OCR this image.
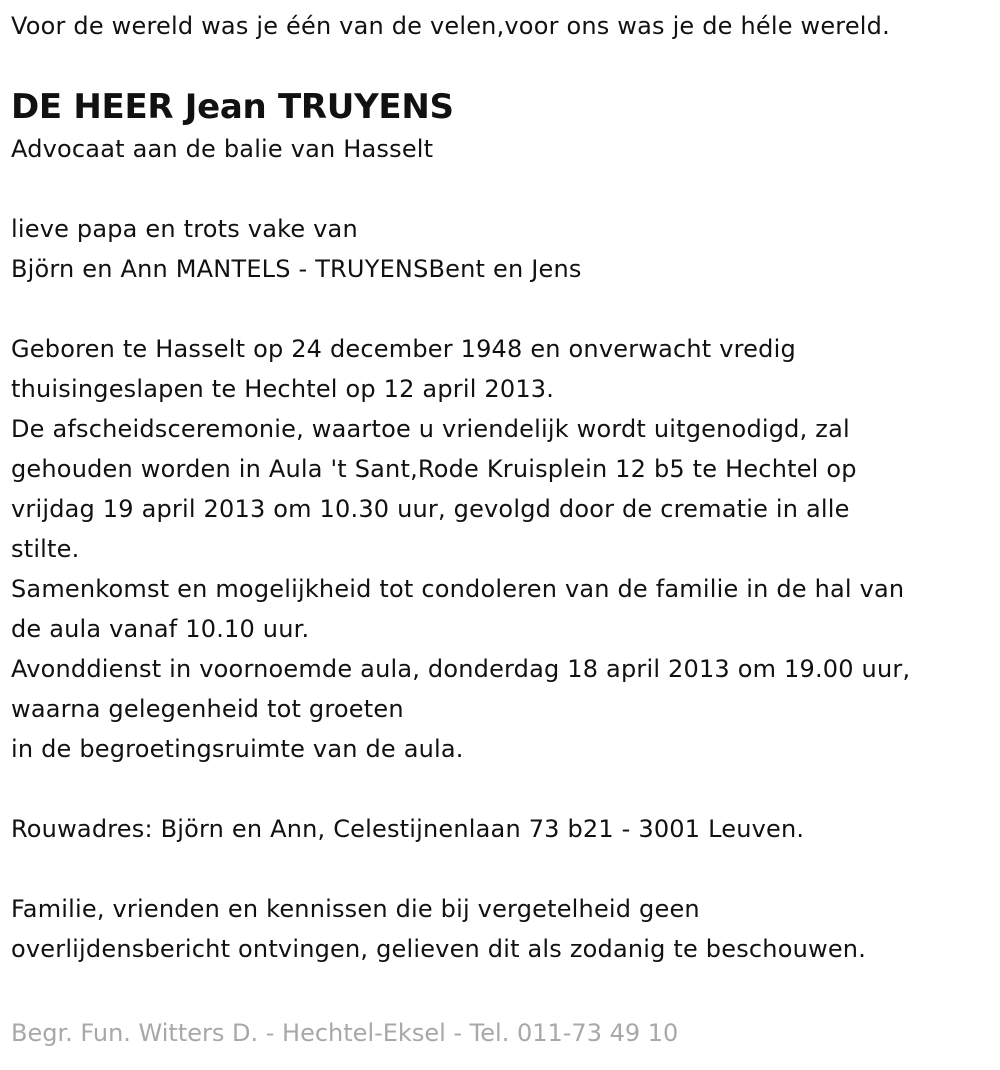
Voor de wereld was je één van de velen,voor ons was je de héle wereld.
DE HEER Jean TRUYENS
Advocaat aan de balie van Hasselt
lieve papa en trots vake van
Björn en Ann MANTELS - TRUYENSBent en Jens
Geboren te Hasselt op 24 december 1948 en onverwacht vredig
thuisingeslapen te Hechtel op 12 april 2013.
De afscheidsceremonie, waartoe u vriendelijk wordt uitgenodigd, zal
gehouden worden in Aula 't Sant,Rode Kruisplein 12 b5 te Hechtel op
vrijdag 19 april 2013 om 10.30 uur, gevolgd door de crematie in alle
stilte.
Samenkomst en mogelijkheid tot condoleren van de familie in de hal van
de aula vanaf 10.10 uur.
Avonddienst in voornoemde aula, donderdag 18 april 2013 om 19.00 uur,
waarna gelegenheid tot groeten
in de begroetingsruimte van de aula.
Rouwadres: Björn en Ann, Celestijnenlaan 73 b21 - 3001 Leuven.
Familie, vrienden en kennissen die bij vergetelheid geen
overlijdensbericht ontvingen, gelieven dit als zodanig te beschouwen.
Begr. Fun. Witters D. - Hechtel-Eksel - Tel. 011-73 49 10
